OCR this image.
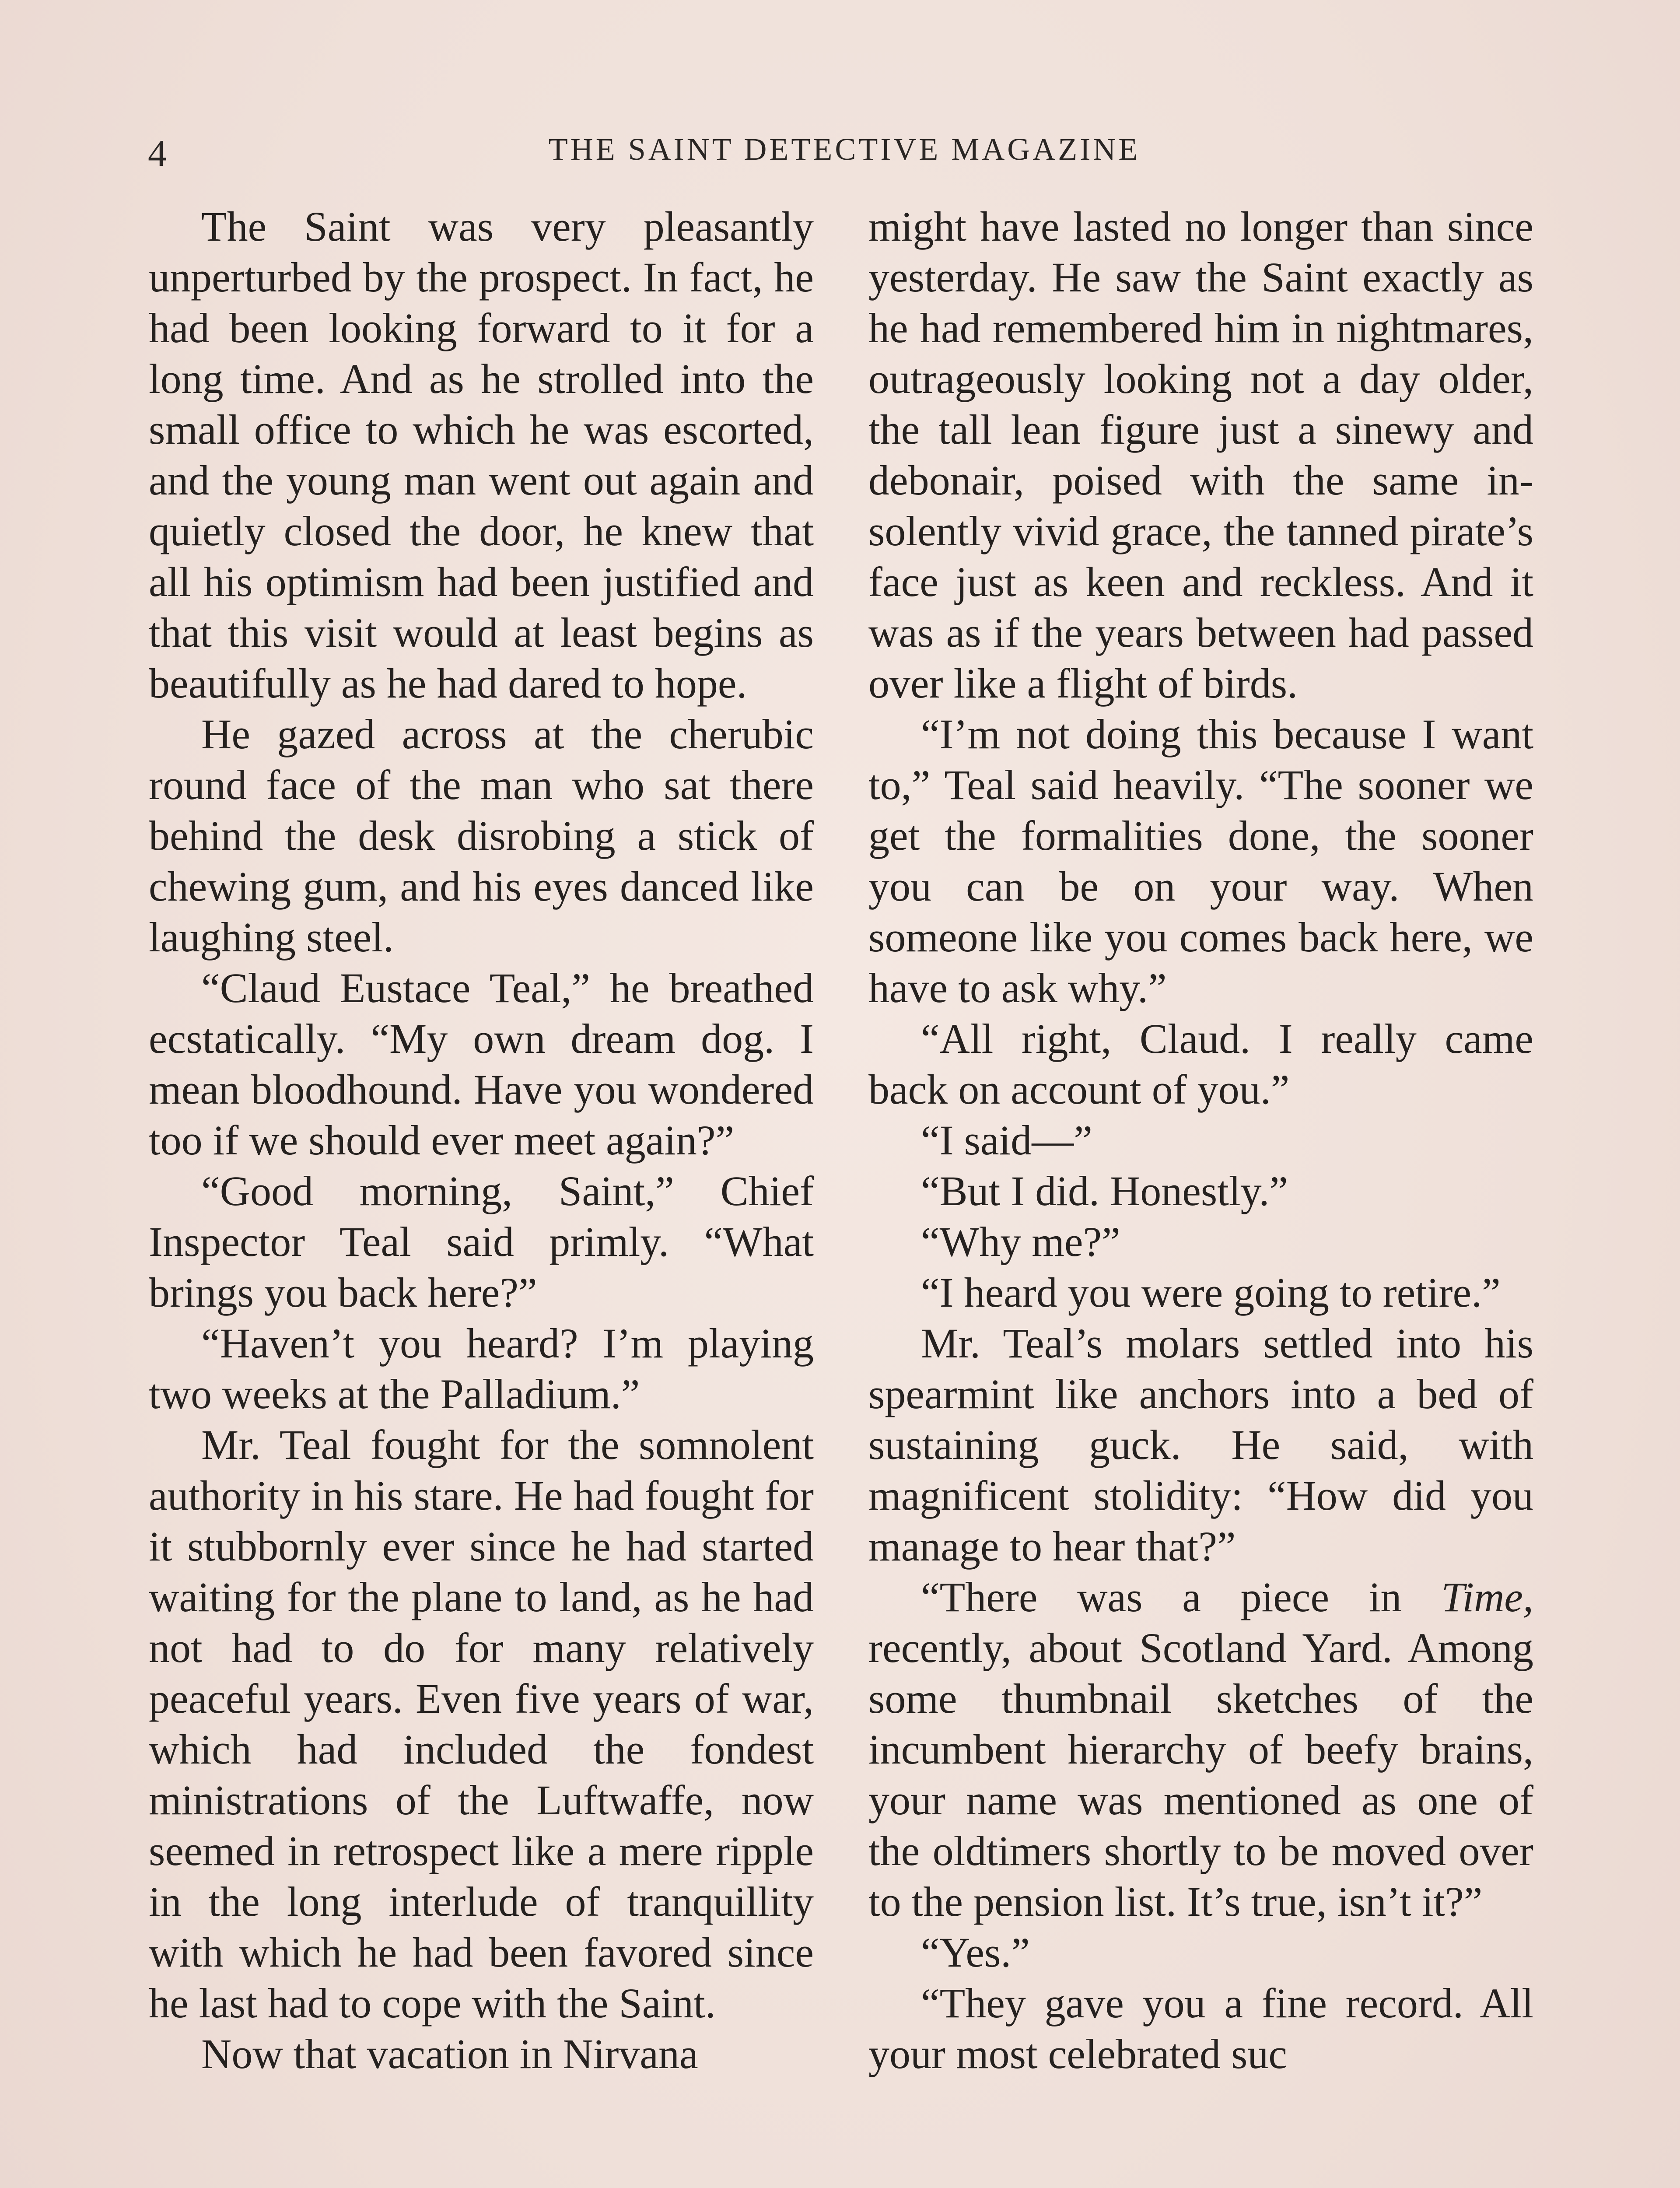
4	THE SAINT DETECTIVE MAGAZINE

The Saint was very pleasantly unperturbed by the prospect. In fact, he had been looking forward to it for a long time. And as he strolled into the small office to which he was escorted, and the young man went out again and quietly closed the door, he knew that all his optimism had been justified and that this visit would at least begins as beautifully as he had dared to hope.

He gazed across at the cherubic round face of the man who sat there behind the desk disrobing a stick of chewing gum, and his eyes danced like laughing steel.

“Claud Eustace Teal,” he breathed ecstatically. “My own dream dog. I mean bloodhound. Have you wondered too if we should ever meet again?”

“Good morning, Saint,” Chief Inspector Teal said primly. “What brings you back here?”

“Haven’t you heard? I’m playing two weeks at the Palladium.”

Mr. Teal fought for the somnolent authority in his stare. He had fought for it stubbornly ever since he had started waiting for the plane to land, as he had not had to do for many relatively peaceful years. Even five years of war, which had included the fondest ministrations of the Luftwaffe, now seemed in retrospect like a mere ripple in the long interlude of tranquillity with which he had been favored since he last had to cope with the Saint.

Now that vacation in Nirvana

might have lasted no longer than since yesterday. He saw the Saint exactly as he had remembered him in nightmares, outrageously looking not a day older, the tall lean figure just a sinewy and debonair, poised with the same insolently vivid grace, the tanned pirate’s face just as keen and reckless. And it was as if the years between had passed over like a flight of birds.

“I’m not doing this because I want to,” Teal said heavily. “The sooner we get the formalities done, the sooner you can be on your way. When someone like you comes back here, we have to ask why.”

“All right, Claud. I really came back on account of you.”

“I said—”

“But I did. Honestly.”

“Why me?”

“I heard you were going to retire.”

Mr. Teal’s molars settled into his spearmint like anchors into a bed of sustaining guck. He said, with magnificent stolidity: “How did you manage to hear that?”

“There was a piece in Time, recently, about Scotland Yard. Among some thumbnail sketches of the incumbent hierarchy of beefy brains, your name was mentioned as one of the oldtimers shortly to be moved over to the pension list. It’s true, isn’t it?”

“Yes.”

“They gave you a fine record. All your most celebrated suc
